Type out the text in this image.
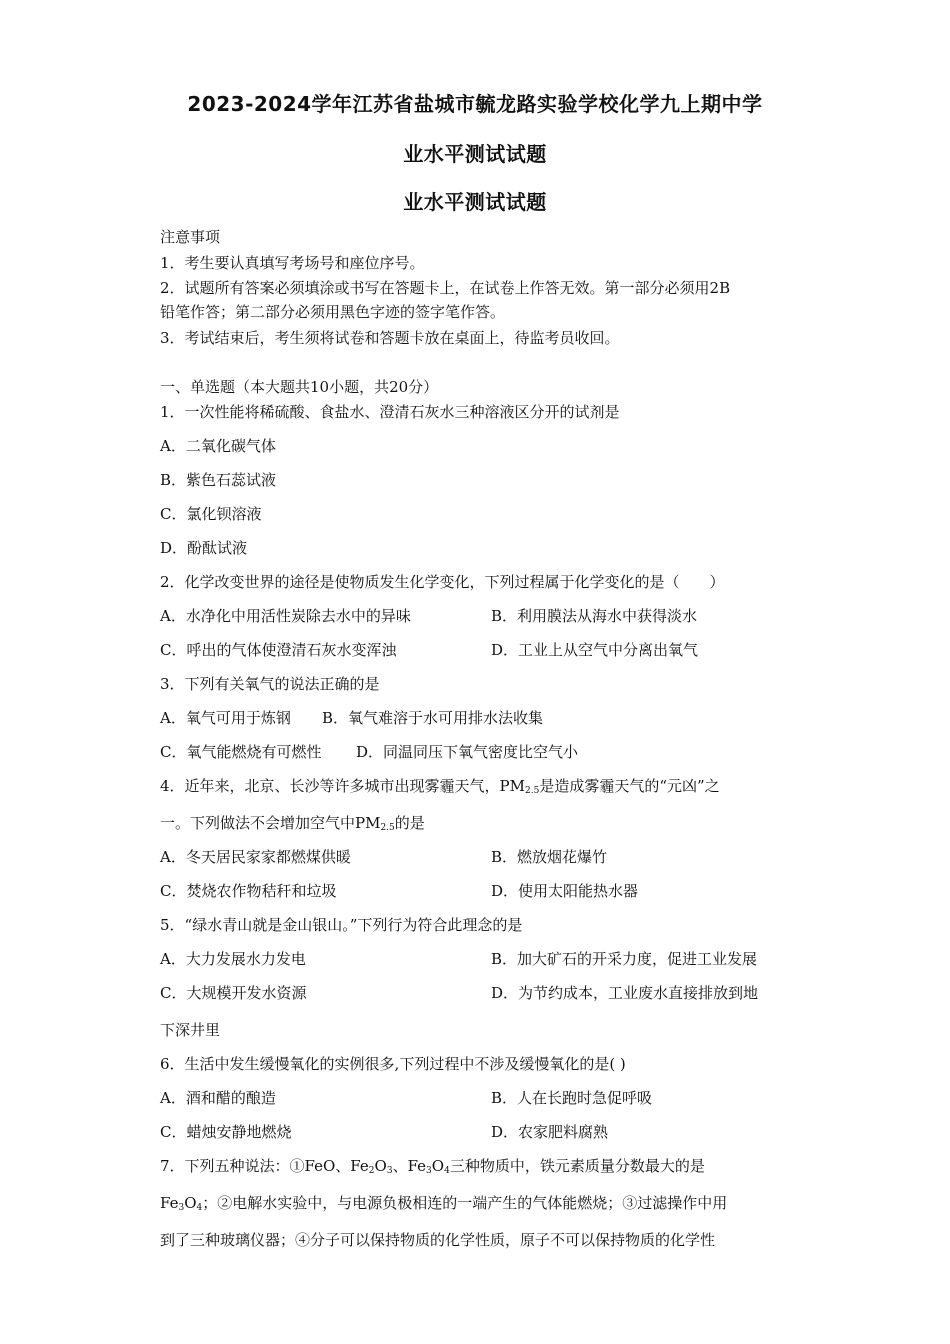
2023-2024学年江苏省盐城市毓龙路实验学校化学九上期中学
业水平测试试题
业水平测试试题
注意事项
1．考生要认真填写考场号和座位序号。
2．试题所有答案必须填涂或书写在答题卡上，在试卷上作答无效。第一部分必须用2B
铅笔作答；第二部分必须用黑色字迹的签字笔作答。
3．考试结束后，考生须将试卷和答题卡放在桌面上，待监考员收回。
一、单选题（本大题共10小题，共20分）
1．一次性能将稀硫酸、食盐水、澄清石灰水三种溶液区分开的试剂是
A．二氧化碳气体
B．紫色石蕊试液
C．氯化钡溶液
D．酚酞试液
2．化学改变世界的途径是使物质发生化学变化，下列过程属于化学变化的是（　　）
A．水净化中用活性炭除去水中的异味	B．利用膜法从海水中获得淡水
C．呼出的气体使澄清石灰水变浑浊	D．工业上从空气中分离出氧气
3．下列有关氧气的说法正确的是
A．氧气可用于炼钢 B．氧气难溶于水可用排水法收集
C．氧气能燃烧有可燃性 D．同温同压下氧气密度比空气小
4．近年来，北京、长沙等许多城市出现雾霾天气，$PM_{2.5}$是造成雾霾天气的“元凶”之
一。下列做法不会增加空气中$PM_{2.5}$的是
A．冬天居民家家都燃煤供暖	B．燃放烟花爆竹
C．焚烧农作物秸秆和垃圾	D．使用太阳能热水器
5．“绿水青山就是金山银山。”下列行为符合此理念的是
A．大力发展水力发电	B．加大矿石的开采力度，促进工业发展
C．大规模开发水资源	D．为节约成本，工业废水直接排放到地
下深井里
6．生活中发生缓慢氧化的实例很多,下列过程中不涉及缓慢氧化的是( )
A．酒和醋的酿造	B．人在长跑时急促呼吸
C．蜡烛安静地燃烧	D．农家肥料腐熟
7．下列五种说法：①FeO、$Fe_2O_3$、$Fe_3O_4$三种物质中，铁元素质量分数最大的是
$Fe_3O_4$；②电解水实验中，与电源负极相连的一端产生的气体能燃烧；③过滤操作中用
到了三种玻璃仪器；④分子可以保持物质的化学性质，原子不可以保持物质的化学性
